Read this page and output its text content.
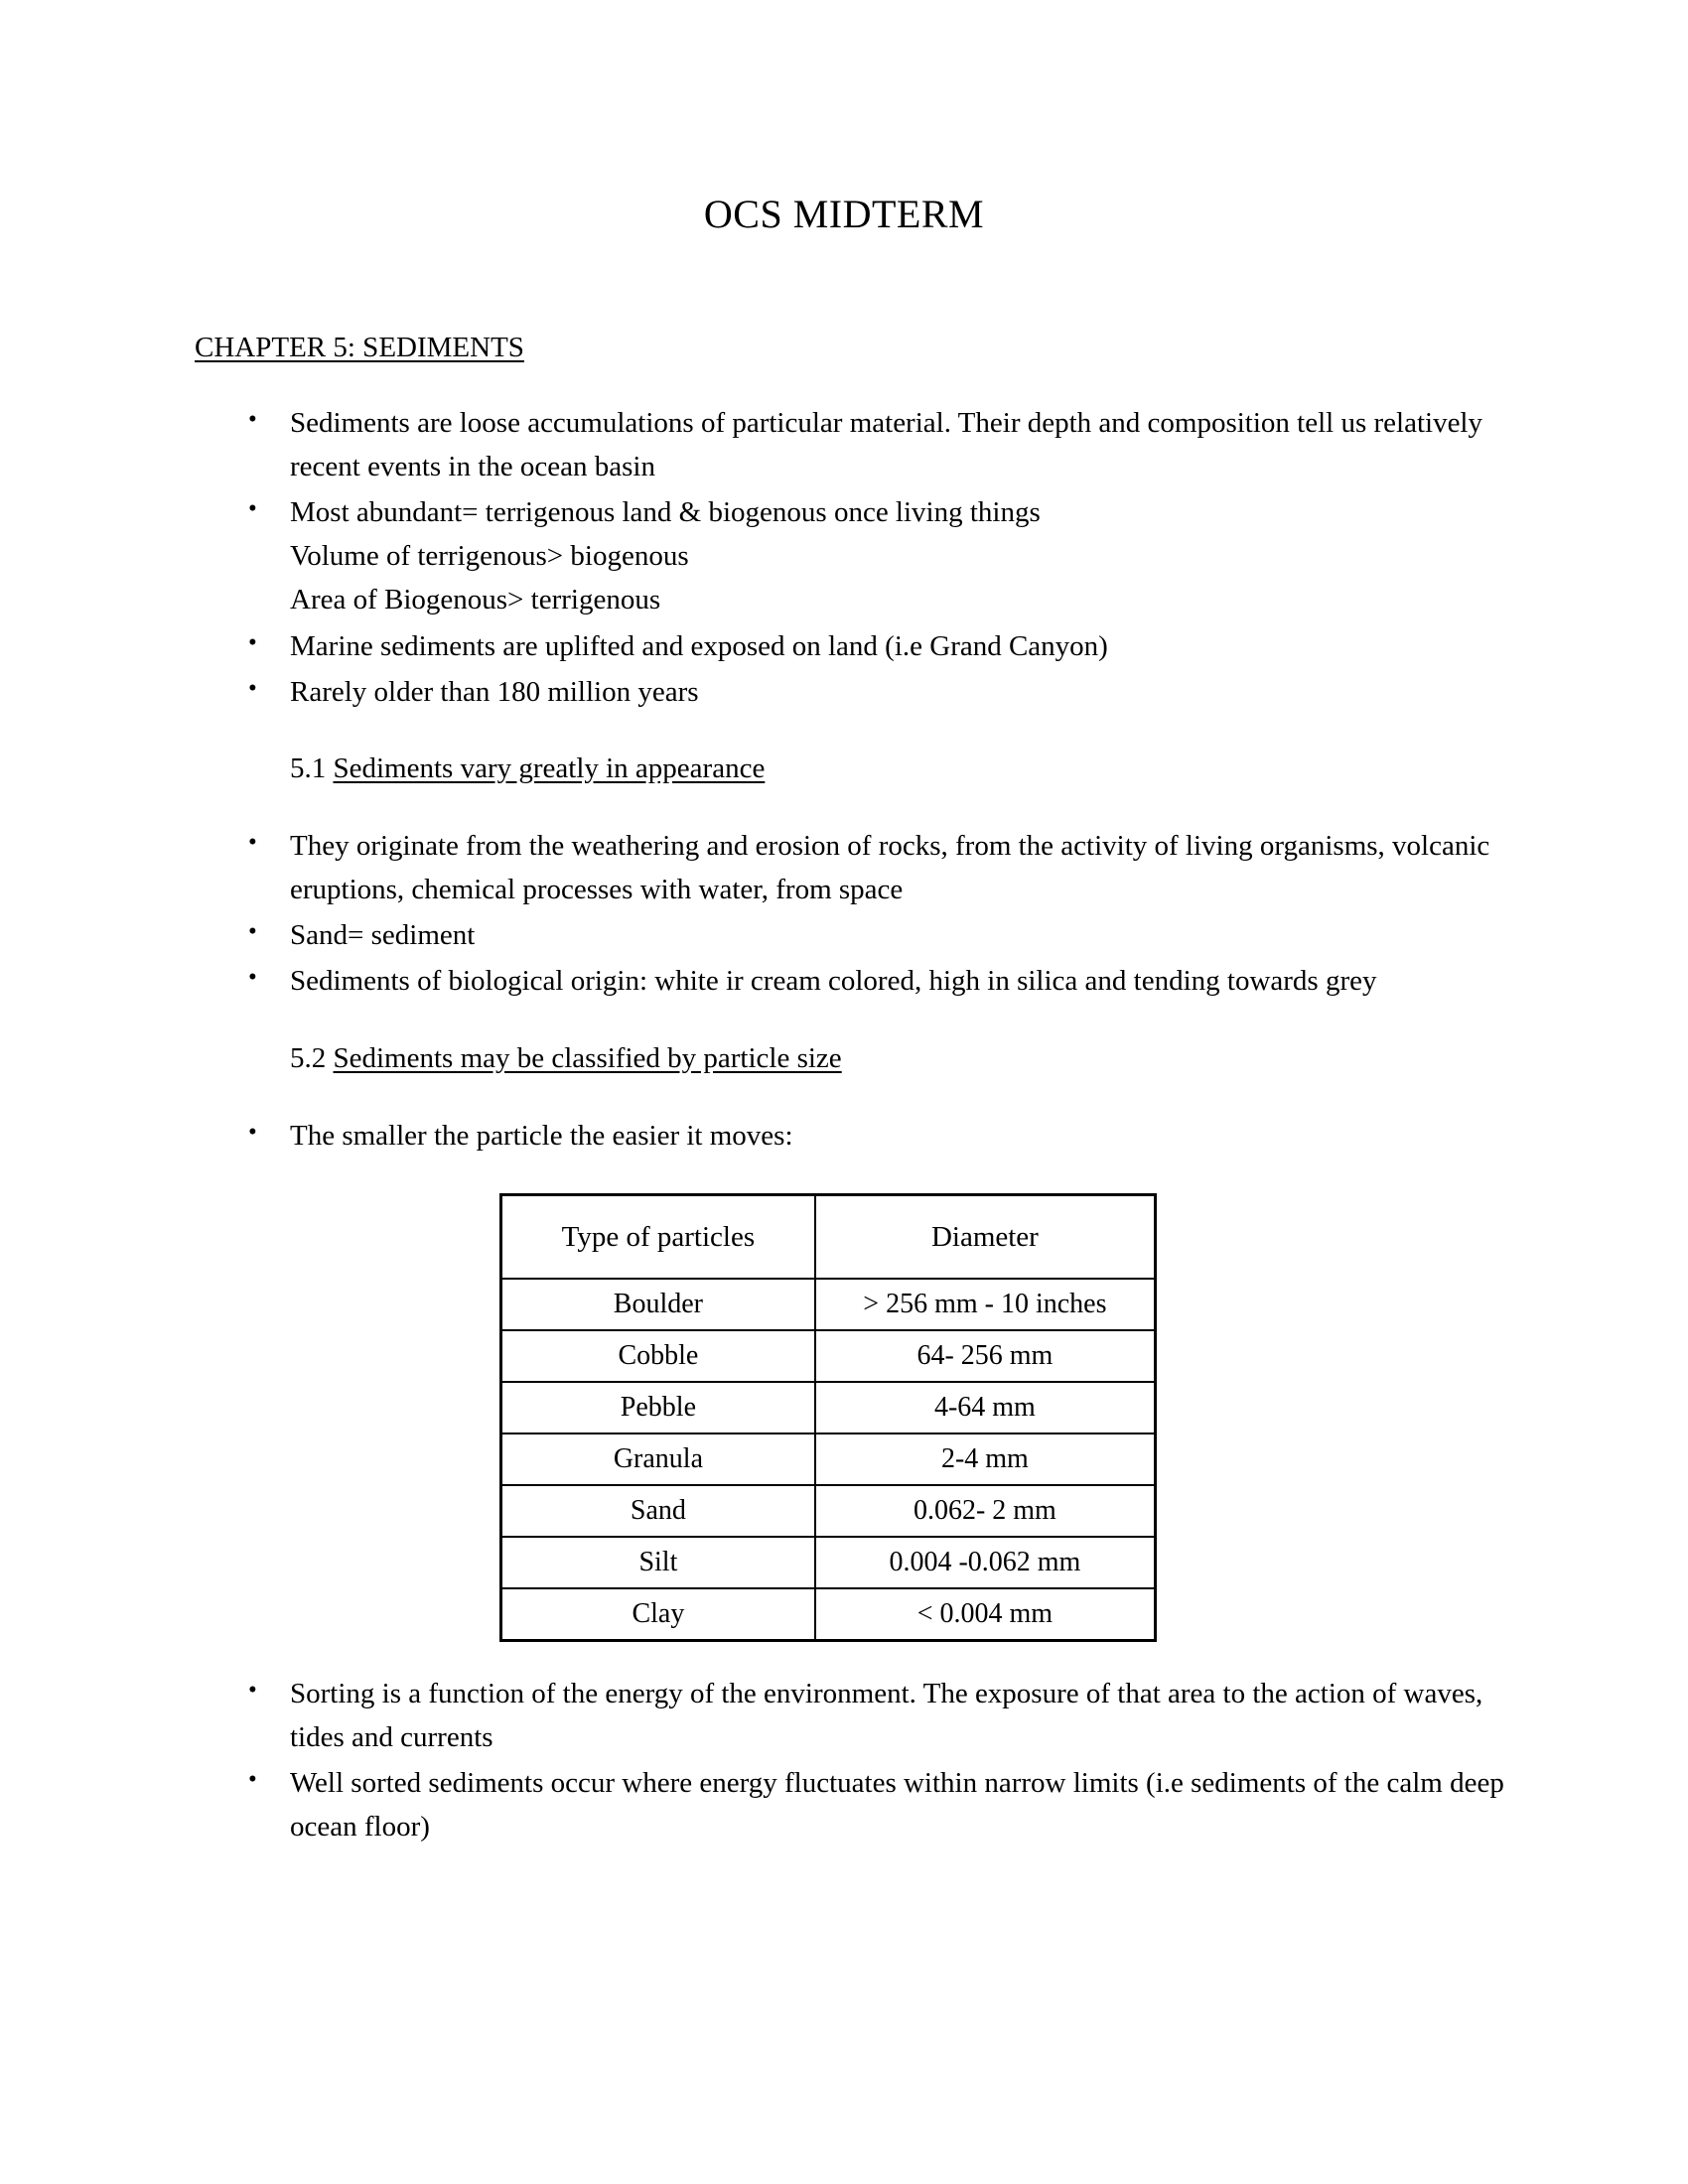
OCS MIDTERM
CHAPTER 5: SEDIMENTS
• Sediments are loose accumulations of particular material. Their depth and composition tell us relatively recent events in the ocean basin
• Most abundant= terrigenous land & biogenous once living things
Volume of terrigenous> biogenous
Area of Biogenous> terrigenous
• Marine sediments are uplifted and exposed on land (i.e Grand Canyon)
• Rarely older than 180 million years
5.1 Sediments vary greatly in appearance
• They originate from the weathering and erosion of rocks, from the activity of living organisms, volcanic eruptions, chemical processes with water, from space
• Sand= sediment
• Sediments of biological origin: white ir cream colored, high in silica and tending towards grey
5.2 Sediments may be classified by particle size
• The smaller the particle the easier it moves:
Type of particles	Diameter
Boulder	> 256 mm - 10 inches
Cobble	64- 256 mm
Pebble	4-64 mm
Granula	2-4 mm
Sand	0.062- 2 mm
Silt	0.004 -0.062 mm
Clay	< 0.004 mm
• Sorting is a function of the energy of the environment. The exposure of that area to the action of waves, tides and currents
• Well sorted sediments occur where energy fluctuates within narrow limits (i.e sediments of the calm deep ocean floor)
